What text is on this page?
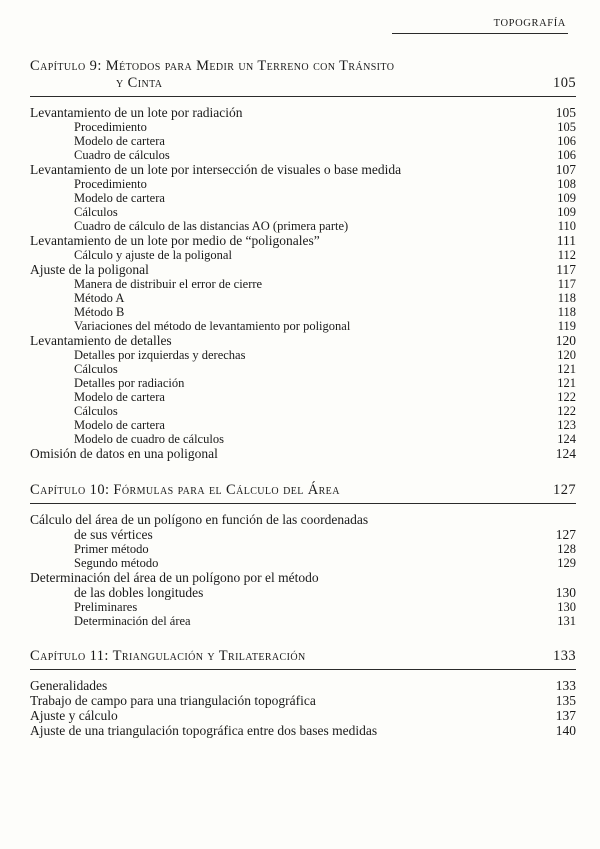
TOPOGRAFÍA
Capítulo 9: Métodos para Medir un Terreno con Tránsito
y Cinta	105
Levantamiento de un lote por radiación	105
Procedimiento	105
Modelo de cartera	106
Cuadro de cálculos	106
Levantamiento de un lote por intersección de visuales o base medida	107
Procedimiento	108
Modelo de cartera	109
Cálculos	109
Cuadro de cálculo de las distancias AO (primera parte)	110
Levantamiento de un lote por medio de “poligonales”	111
Cálculo y ajuste de la poligonal	112
Ajuste de la poligonal	117
Manera de distribuir el error de cierre	117
Método A	118
Método B	118
Variaciones del método de levantamiento por poligonal	119
Levantamiento de detalles	120
Detalles por izquierdas y derechas	120
Cálculos	121
Detalles por radiación	121
Modelo de cartera	122
Cálculos	122
Modelo de cartera	123
Modelo de cuadro de cálculos	124
Omisión de datos en una poligonal	124
Capítulo 10: Fórmulas para el Cálculo del Área	127
Cálculo del área de un polígono en función de las coordenadas
de sus vértices	127
Primer método	128
Segundo método	129
Determinación del área de un polígono por el método
de las dobles longitudes	130
Preliminares	130
Determinación del área	131
Capítulo 11: Triangulación y Trilateración	133
Generalidades	133
Trabajo de campo para una triangulación topográfica	135
Ajuste y cálculo	137
Ajuste de una triangulación topográfica entre dos bases medidas	140
